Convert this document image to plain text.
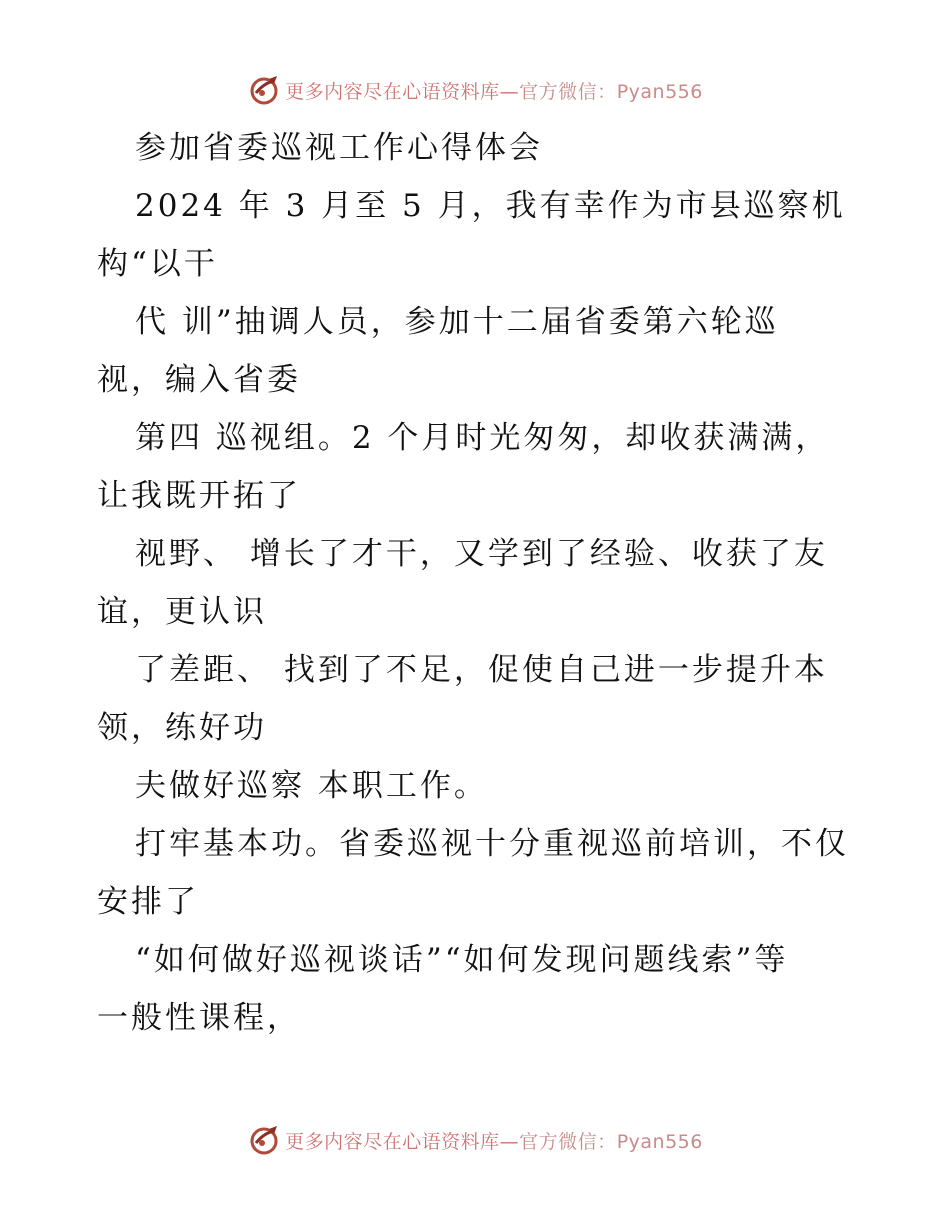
更多内容尽在心语资料库—官方微信：Pyan556
参加省委巡视工作心得体会
2024 年 3 月至 5 月，我有幸作为市县巡察机
构“以干
代 训”抽调人员，参加十二届省委第六轮巡
视，编入省委
第四 巡视组。2 个月时光匆匆，却收获满满，
让我既开拓了
视野、 增长了才干，又学到了经验、收获了友
谊，更认识
了差距、 找到了不足，促使自己进一步提升本
领，练好功
夫做好巡察 本职工作。
打牢基本功。省委巡视十分重视巡前培训，不仅
安排了
“如何做好巡视谈话”“如何发现问题线索”等
一般性课程，
更多内容尽在心语资料库—官方微信：Pyan556
